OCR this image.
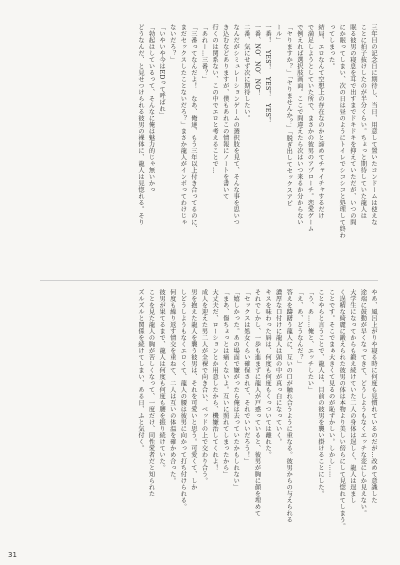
三年目の記念日に期待し、当日、用意して置いたコンドームは使えな

ことに拍子抜けしたのが半分くらい。ちょっと期待していた龍人は

眠る彼男の寝息を耳で出すまでドキドキを抑えていただが、いつの間

にか眠ってしまい、次の日は昼のようにトイレでシコシコと処理して終わ

ってしまった。

結局、エロなんて空想上の存在なのかと諦めてチャイチャするだけ

で満足しようとしていた所で、まさかの彼男のアプローチ。恋愛ゲーム

で例えれば選択肢画面。ここで間違えたら次はいつ来るか分からない

「ヤりますか？」「ヤりませんか？」「脱ぎ出してセックスアピ

ール」

一番！　YES！　YES！　YES！

一番、NO、NO、NO！

二番、気にせず次に期待したい。

なんだがシミュレーションゲームの選択肢を見て、そんな事を思いつ

き込むなどありますが、僕もあれこの情報にノートを書いて

行くのは関系ない、この中でエロと考えることで…

「あれー…三番？」

「三番ってなんだよ！　なあ、俺達、もう三年以上付き合ってるのに、

まだセックスしたことないだろ？」まさか龍人がインポってわけじゃ

ないだろ？」

「いやいや今はEDって呼ばれ」

「勃起はしているって、そんなに俺は魅力的じゃ無いかっ

どうなんだ、と見せつけられる彼男の裸体に、龍人は見惚れる。そり

やあ、風呂上がりや寝る時に何度も見慣れているのだが…改めて意識した

途端に鼓動が早くなってきて、どうしようもなくエッチな変にしか見えない。

大学生になってからも鍛え続けていた二人の身体は逞しく、龍人は逞まし

く逞精な綺麗に鍛えられた彼男の体は本物より美しい傍らにして見惚れてしまう。

ことです。そこでまぁ大きくて見るのが恥ずかしい。しかし……

ことやらと言うことで、龍人は、目前の彼男を襲い掛けることにした。

「う、あ……俺と、エッチしたい」

「え、あ、どうなんだ？」

答えを躊躇う龍人に、互いの口が触れ合うように重なる。彼男からの与えられる

濃厚な口付けに龍人は頭の中が真っ白になっていく。

キスを味わった唇は、何度も何度もくっついては離れた。

それでしかし、一歩も進まずに龍人が戸惑っていると、彼男が胸に顔を埋めて

「セックスは処女くらい確保されて、それでいいだろう！」

「嬉しかった。あの場面で嫌がったら俺は去っていたかもしれない」

「まあ、傷ちょっとは痛くないよ。互いに照れてしまったから」

大丈夫だ、ローションとか用意したから、機嫌治してくれよ！

成人を迎えた男二人が全裸で向き合い、ベッドの上で交わり合う。

男を抱えた龍人を襲う彼男は、それを可愛いと思う。可愛くて、しか

しどうしようもなくエロくて、龍人の腰は彼男に向かって打ち付けられる。

何度も繰り返す情交を重ねて、二人は互いの体温を確かめ合った。

彼男が果てるまで、龍人は何度も何度も腰を振り続けていた。

ことを見た龍人の胸が苦しくなって、一度だけ、同性愛者だと知られた

ズルズルと関係を続けてしまい、ある日、ふと気付く。

31
